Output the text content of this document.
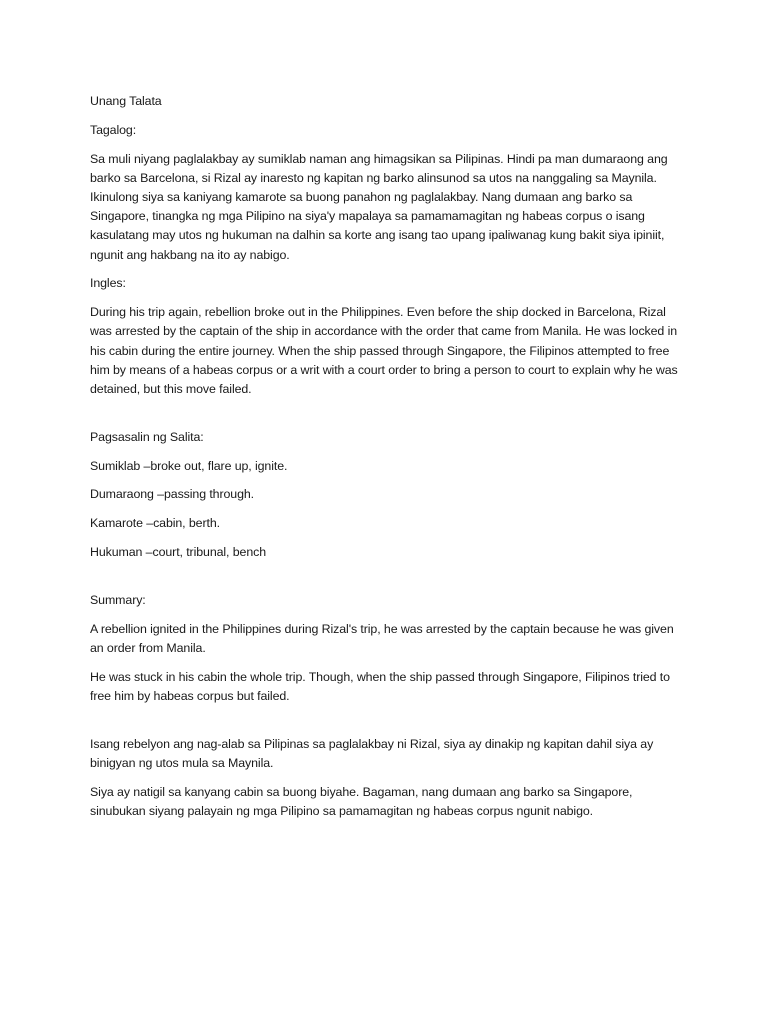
Unang Talata

Tagalog:

Sa muli niyang paglalakbay ay sumiklab naman ang himagsikan sa Pilipinas. Hindi pa man dumaraong ang barko sa Barcelona, si Rizal ay inaresto ng kapitan ng barko alinsunod sa utos na nanggaling sa Maynila. Ikinulong siya sa kaniyang kamarote sa buong panahon ng paglalakbay. Nang dumaan ang barko sa Singapore, tinangka ng mga Pilipino na siya'y mapalaya sa pamamamagitan ng habeas corpus o isang kasulatang may utos ng hukuman na dalhin sa korte ang isang tao upang ipaliwanag kung bakit siya ipiniit, ngunit ang hakbang na ito ay nabigo.

Ingles:

During his trip again, rebellion broke out in the Philippines. Even before the ship docked in Barcelona, Rizal was arrested by the captain of the ship in accordance with the order that came from Manila. He was locked in his cabin during the entire journey. When the ship passed through Singapore, the Filipinos attempted to free him by means of a habeas corpus or a writ with a court order to bring a person to court to explain why he was detained, but this move failed.

Pagsasalin ng Salita:

Sumiklab – broke out, flare up, ignite.

Dumaraong – passing through.

Kamarote – cabin, berth.

Hukuman – court, tribunal, bench

Summary:

A rebellion ignited in the Philippines during Rizal's trip, he was arrested by the captain because he was given an order from Manila.

He was stuck in his cabin the whole trip. Though, when the ship passed through Singapore, Filipinos tried to free him by habeas corpus but failed.

Isang rebelyon ang nag-alab sa Pilipinas sa paglalakbay ni Rizal, siya ay dinakip ng kapitan dahil siya ay binigyan ng utos mula sa Maynila.

Siya ay natigil sa kanyang cabin sa buong biyahe. Bagaman, nang dumaan ang barko sa Singapore, sinubukan siyang palayain ng mga Pilipino sa pamamagitan ng habeas corpus ngunit nabigo.
